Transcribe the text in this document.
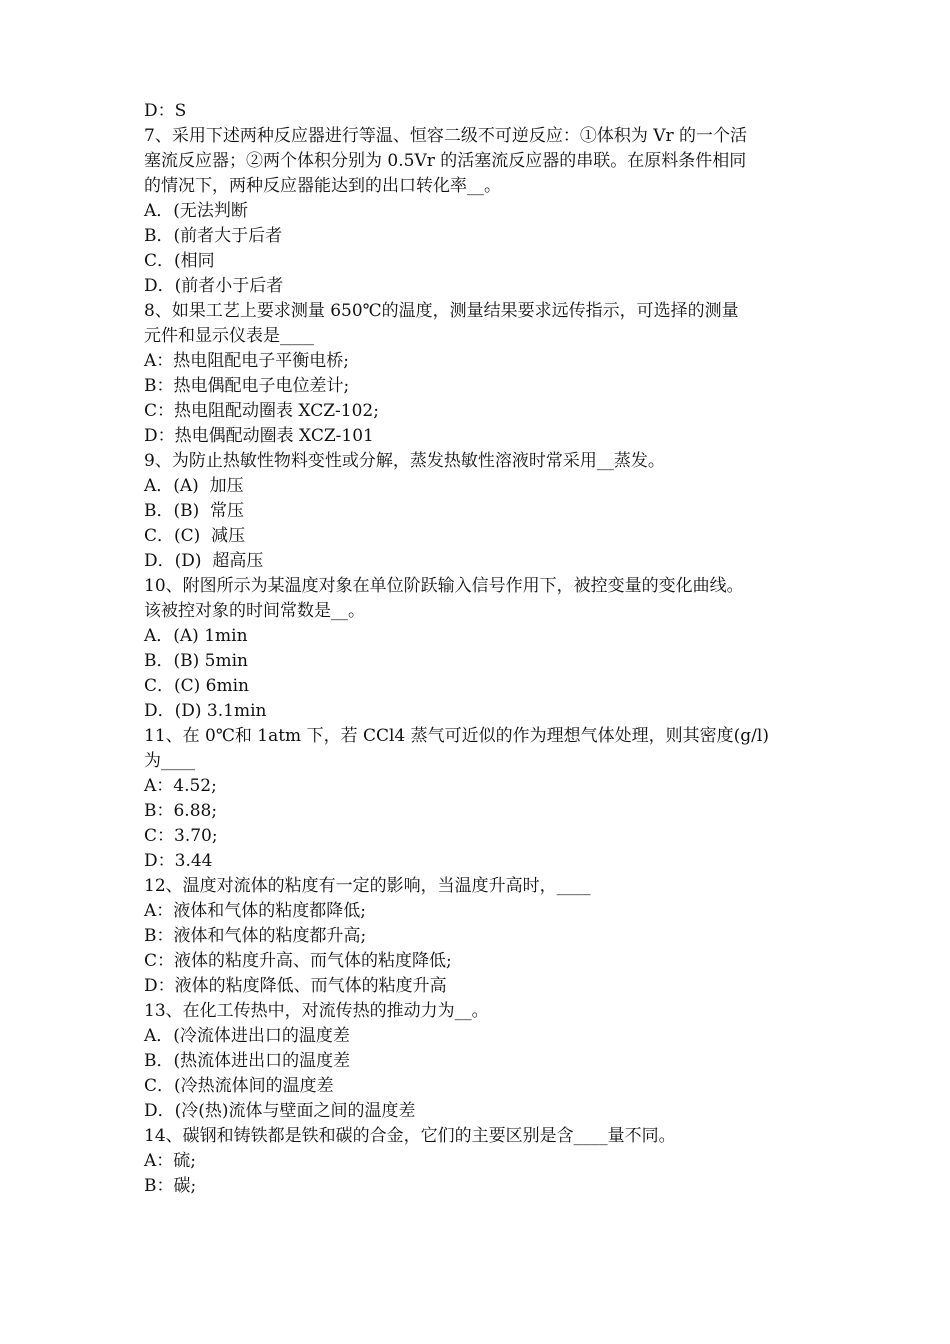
D：S
7、采用下述两种反应器进行等温、恒容二级不可逆反应：①体积为 Vr 的一个活
塞流反应器；②两个体积分别为 0.5Vr 的活塞流反应器的串联。在原料条件相同
的情况下，两种反应器能达到的出口转化率__。
A．(无法判断
B．(前者大于后者
C．(相同
D．(前者小于后者
8、如果工艺上要求测量 650℃的温度，测量结果要求远传指示，可选择的测量
元件和显示仪表是____
A：热电阻配电子平衡电桥;
B：热电偶配电子电位差计;
C：热电阻配动圈表 XCZ-102;
D：热电偶配动圈表 XCZ-101
9、为防止热敏性物料变性或分解，蒸发热敏性溶液时常采用__蒸发。
A．(A)  加压
B．(B)  常压
C．(C)  减压
D．(D)  超高压
10、附图所示为某温度对象在单位阶跃输入信号作用下，被控变量的变化曲线。
该被控对象的时间常数是__。
A．(A) 1min
B．(B) 5min
C．(C) 6min
D．(D) 3.1min
11、在 0℃和 1atm 下，若 CCl4 蒸气可近似的作为理想气体处理，则其密度(g/l)
为____
A：4.52;
B：6.88;
C：3.70;
D：3.44
12、温度对流体的粘度有一定的影响，当温度升高时，____
A：液体和气体的粘度都降低;
B：液体和气体的粘度都升高;
C：液体的粘度升高、而气体的粘度降低;
D：液体的粘度降低、而气体的粘度升高
13、在化工传热中，对流传热的推动力为__。
A．(冷流体进出口的温度差
B．(热流体进出口的温度差
C．(冷热流体间的温度差
D．(冷(热)流体与壁面之间的温度差
14、碳钢和铸铁都是铁和碳的合金，它们的主要区别是含____量不同。
A：硫;
B：碳;
